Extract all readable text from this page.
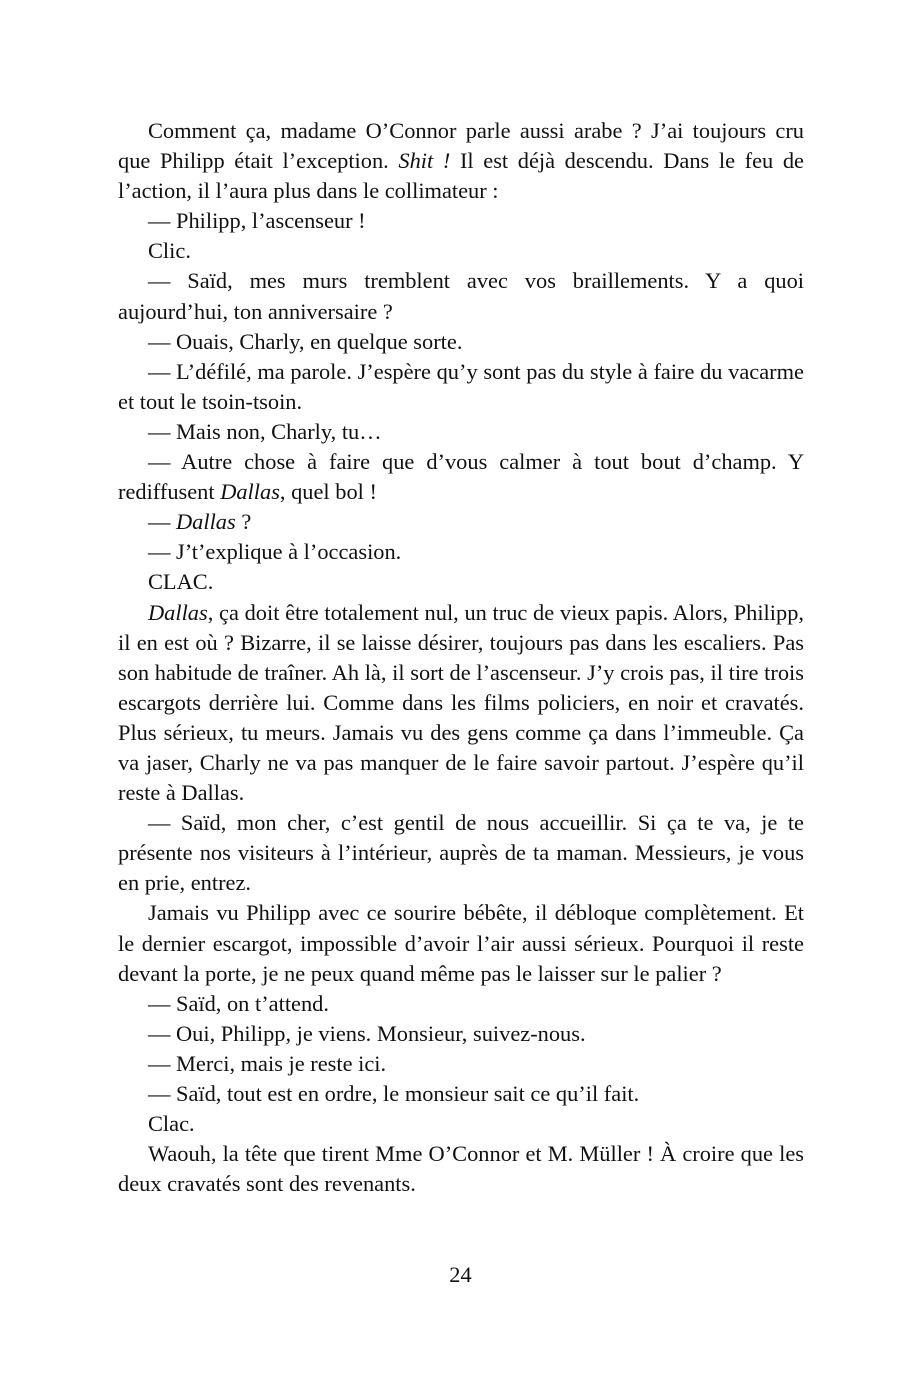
Comment ça, madame O’Connor parle aussi arabe ? J’ai toujours cru que Philipp était l’exception. Shit ! Il est déjà descendu. Dans le feu de l’action, il l’aura plus dans le collimateur :

— Philipp, l’ascenseur !

Clic.

— Saïd, mes murs tremblent avec vos braillements. Y a quoi aujourd’hui, ton anniversaire ?

— Ouais, Charly, en quelque sorte.

— L’défilé, ma parole. J’espère qu’y sont pas du style à faire du vacarme et tout le tsoin-tsoin.

— Mais non, Charly, tu…

— Autre chose à faire que d’vous calmer à tout bout d’champ. Y rediffusent Dallas, quel bol !

— Dallas ?

— J’t’explique à l’occasion.

CLAC.

Dallas, ça doit être totalement nul, un truc de vieux papis. Alors, Philipp, il en est où ? Bizarre, il se laisse désirer, toujours pas dans les escaliers. Pas son habitude de traîner. Ah là, il sort de l’ascenseur. J’y crois pas, il tire trois escargots derrière lui. Comme dans les films policiers, en noir et cravatés. Plus sérieux, tu meurs. Jamais vu des gens comme ça dans l’immeuble. Ça va jaser, Charly ne va pas manquer de le faire savoir partout. J’espère qu’il reste à Dallas.

— Saïd, mon cher, c’est gentil de nous accueillir. Si ça te va, je te présente nos visiteurs à l’intérieur, auprès de ta maman. Messieurs, je vous en prie, entrez.

Jamais vu Philipp avec ce sourire bébête, il débloque complètement. Et le dernier escargot, impossible d’avoir l’air aussi sérieux. Pourquoi il reste devant la porte, je ne peux quand même pas le laisser sur le palier ?

— Saïd, on t’attend.

— Oui, Philipp, je viens. Monsieur, suivez-nous.

— Merci, mais je reste ici.

— Saïd, tout est en ordre, le monsieur sait ce qu’il fait.

Clac.

Waouh, la tête que tirent Mme O’Connor et M. Müller ! À croire que les deux cravatés sont des revenants.

24
